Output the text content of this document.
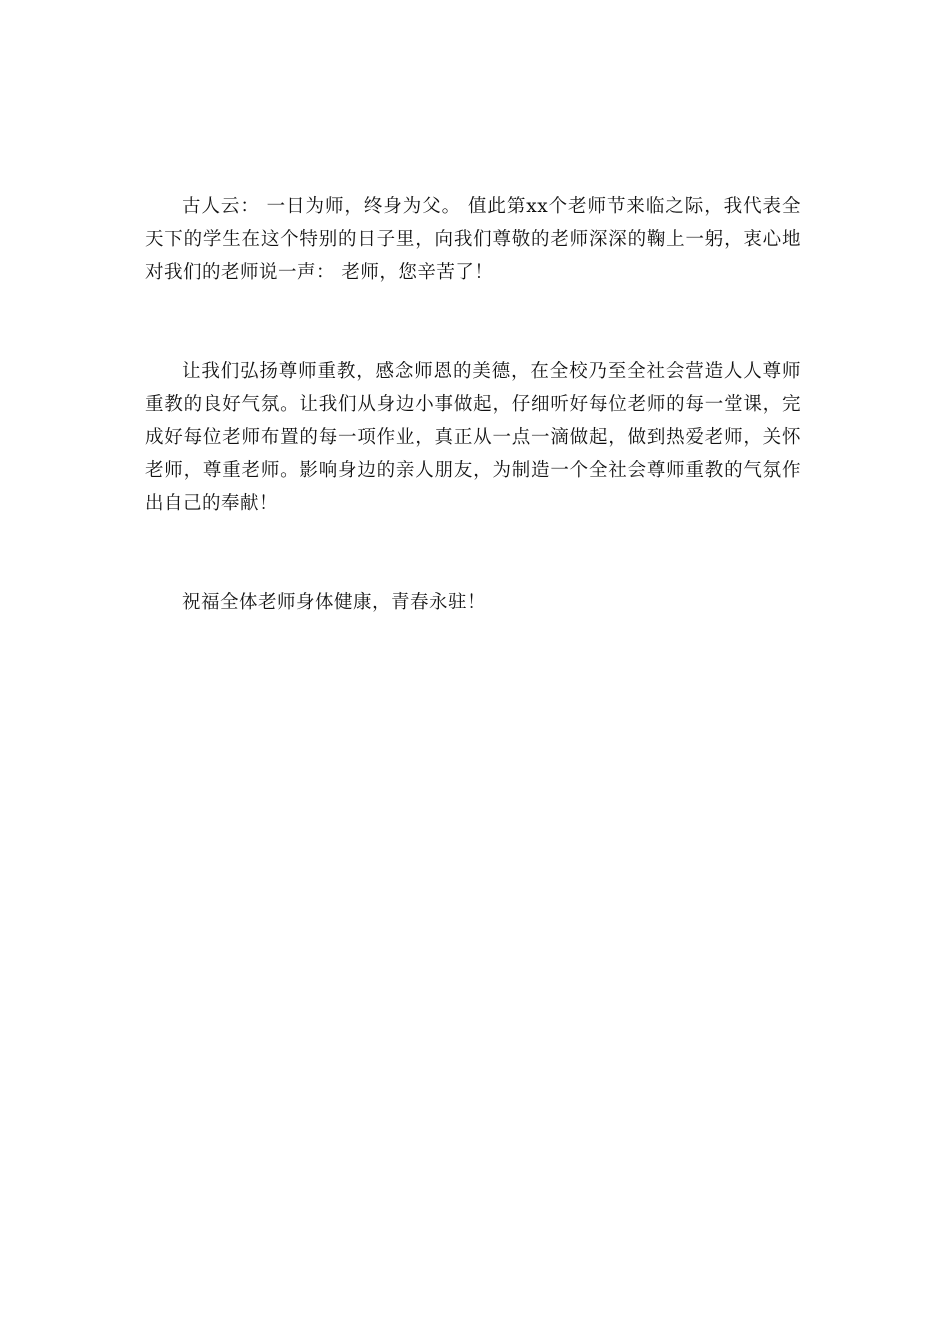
古人云： 一日为师，终身为父。 值此第xx个老师节来临之际，我代表全天下的学生在这个特别的日子里，向我们尊敬的老师深深的鞠上一躬，衷心地对我们的老师说一声： 老师，您辛苦了！

让我们弘扬尊师重教，感念师恩的美德，在全校乃至全社会营造人人尊师重教的良好气氛。让我们从身边小事做起，仔细听好每位老师的每一堂课，完成好每位老师布置的每一项作业，真正从一点一滴做起，做到热爱老师，关怀老师，尊重老师。影响身边的亲人朋友，为制造一个全社会尊师重教的气氛作出自己的奉献！

祝福全体老师身体健康，青春永驻！
